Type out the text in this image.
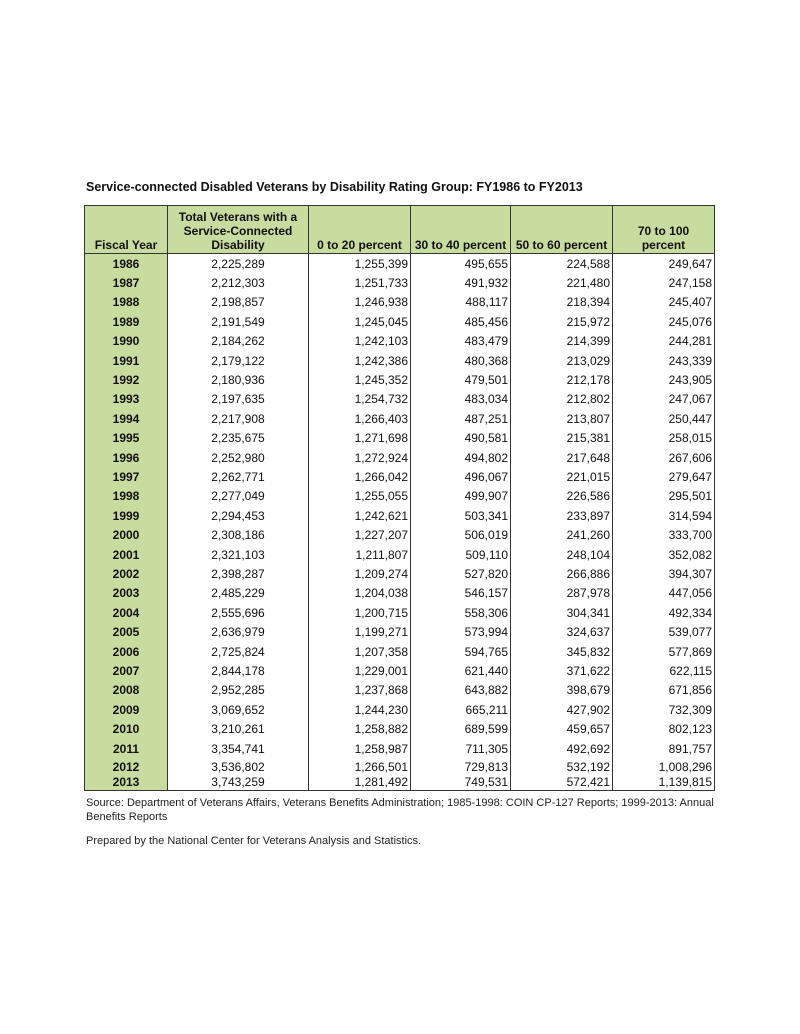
Service-connected Disabled Veterans by Disability Rating Group: FY1986 to FY2013
Fiscal Year	Total Veterans with a Service-Connected Disability	0 to 20 percent	30 to 40 percent	50 to 60 percent	70 to 100 percent
1986	2,225,289	1,255,399	495,655	224,588	249,647
1987	2,212,303	1,251,733	491,932	221,480	247,158
1988	2,198,857	1,246,938	488,117	218,394	245,407
1989	2,191,549	1,245,045	485,456	215,972	245,076
1990	2,184,262	1,242,103	483,479	214,399	244,281
1991	2,179,122	1,242,386	480,368	213,029	243,339
1992	2,180,936	1,245,352	479,501	212,178	243,905
1993	2,197,635	1,254,732	483,034	212,802	247,067
1994	2,217,908	1,266,403	487,251	213,807	250,447
1995	2,235,675	1,271,698	490,581	215,381	258,015
1996	2,252,980	1,272,924	494,802	217,648	267,606
1997	2,262,771	1,266,042	496,067	221,015	279,647
1998	2,277,049	1,255,055	499,907	226,586	295,501
1999	2,294,453	1,242,621	503,341	233,897	314,594
2000	2,308,186	1,227,207	506,019	241,260	333,700
2001	2,321,103	1,211,807	509,110	248,104	352,082
2002	2,398,287	1,209,274	527,820	266,886	394,307
2003	2,485,229	1,204,038	546,157	287,978	447,056
2004	2,555,696	1,200,715	558,306	304,341	492,334
2005	2,636,979	1,199,271	573,994	324,637	539,077
2006	2,725,824	1,207,358	594,765	345,832	577,869
2007	2,844,178	1,229,001	621,440	371,622	622,115
2008	2,952,285	1,237,868	643,882	398,679	671,856
2009	3,069,652	1,244,230	665,211	427,902	732,309
2010	3,210,261	1,258,882	689,599	459,657	802,123
2011	3,354,741	1,258,987	711,305	492,692	891,757
2012	3,536,802	1,266,501	729,813	532,192	1,008,296
2013	3,743,259	1,281,492	749,531	572,421	1,139,815

Source: Department of Veterans Affairs, Veterans Benefits Administration; 1985-1998: COIN CP-127 Reports; 1999-2013: Annual Benefits Reports

Prepared by the National Center for Veterans Analysis and Statistics.
